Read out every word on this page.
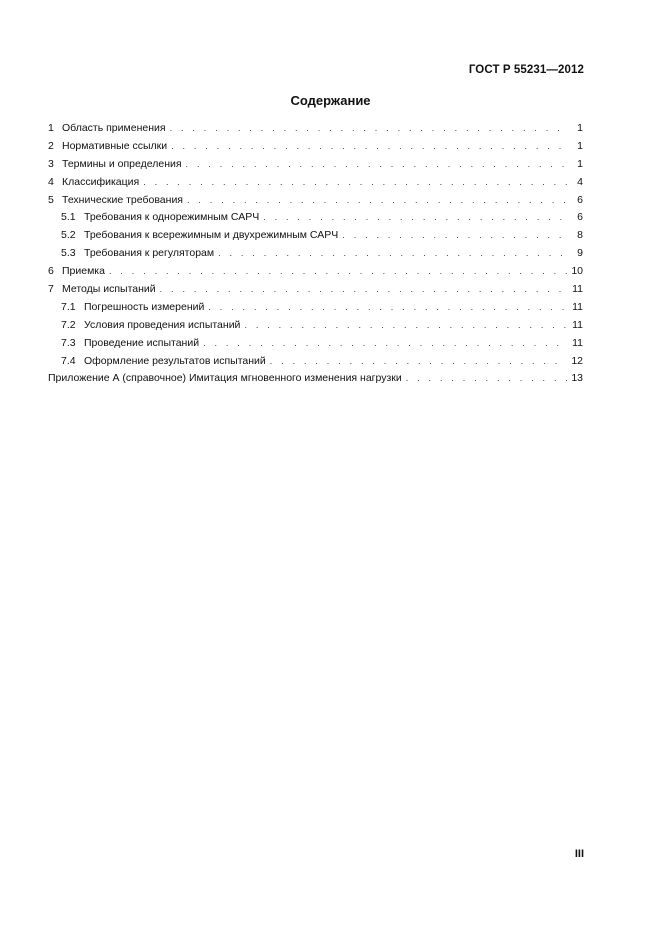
ГОСТ Р 55231—2012
Содержание
1 Область применения . . .	1
2 Нормативные ссылки . . .	1
3 Термины и определения . . .	1
4 Классификация . . .	4
5 Технические требования . . .	6
5.1 Требования к однорежимным САРЧ . . .	6
5.2 Требования к всережимным и двухрежимным САРЧ . . .	8
5.3 Требования к регуляторам . . .	9
6 Приемка . . .	10
7 Методы испытаний . . .	11
7.1 Погрешность измерений . . .	11
7.2 Условия проведения испытаний . . .	11
7.3 Проведение испытаний . . .	11
7.4 Оформление результатов испытаний . . .	12
Приложение А (справочное) Имитация мгновенного изменения нагрузки . . .	13
III
